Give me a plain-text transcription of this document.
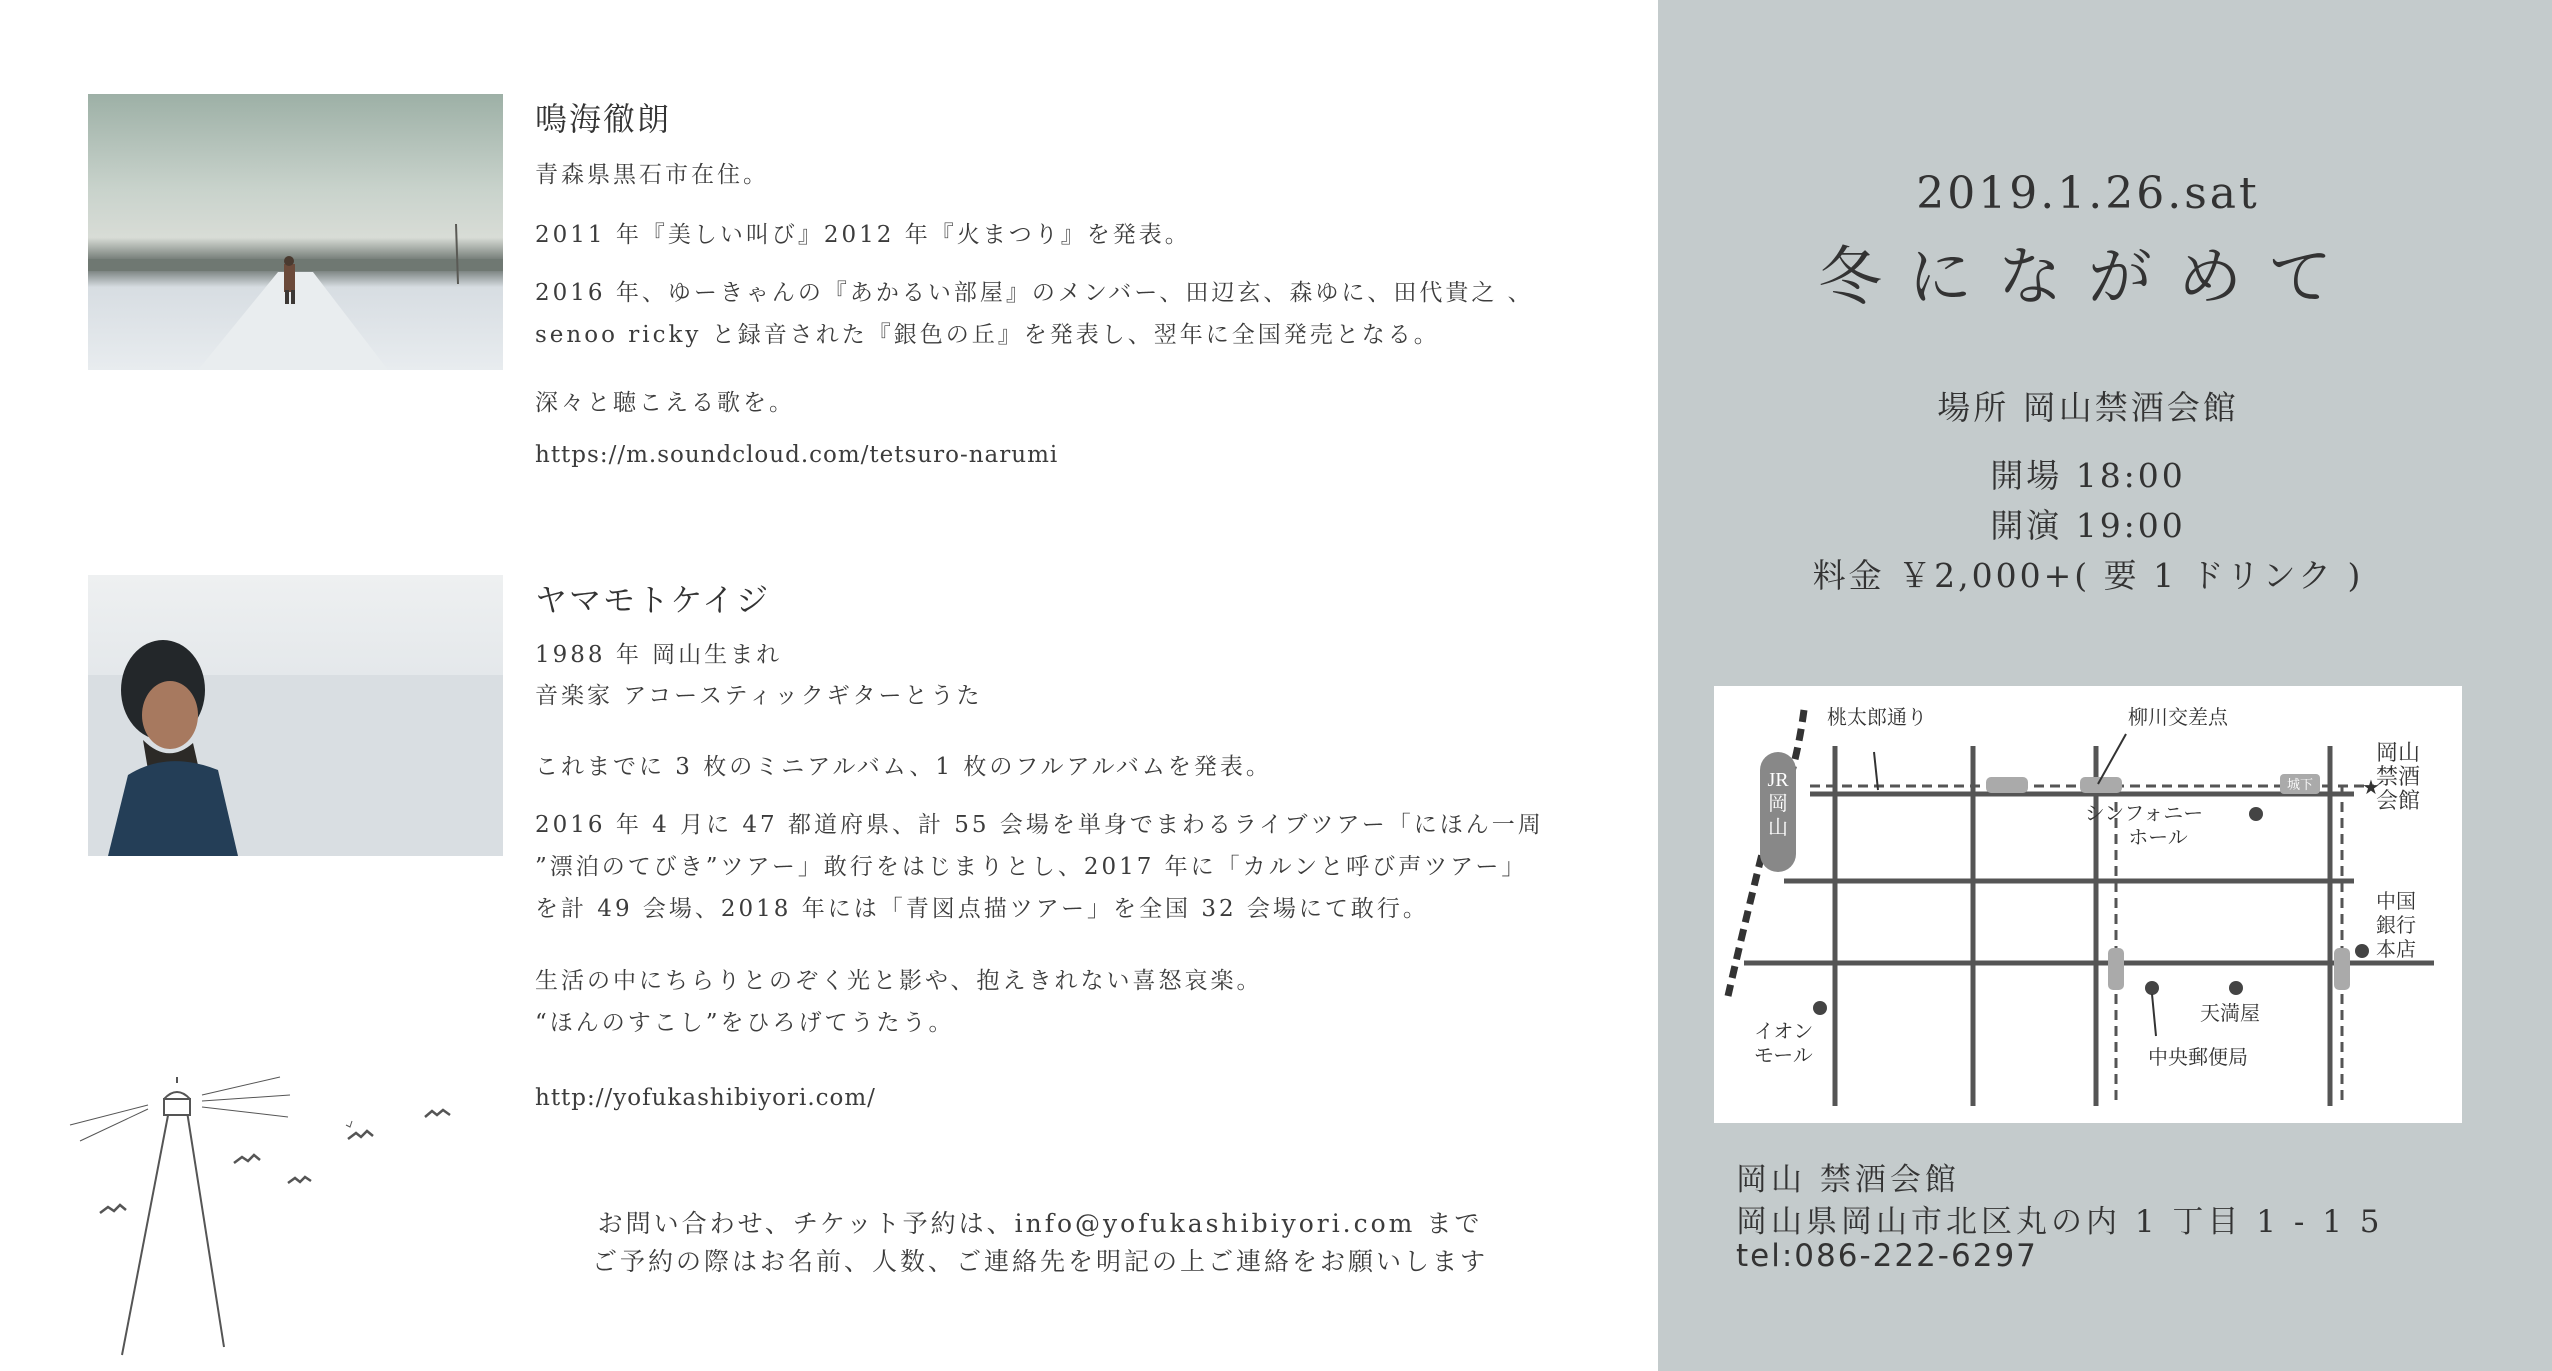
鳴海徹朗
青森県黒石市在住。
2011 年『美しい叫び』2012 年『火まつり』を発表。
2016 年、ゆーきゃんの『あかるい部屋』のメンバー、田辺玄、森ゆに、田代貴之 、
senoo ricky と録音された『銀色の丘』を発表し、翌年に全国発売となる。
深々と聴こえる歌を。
https://m.soundcloud.com/tetsuro-narumi
ヤマモトケイジ
1988 年 岡山生まれ
音楽家 アコースティックギターとうた
これまでに 3 枚のミニアルバム、1 枚のフルアルバムを発表。
2016 年 4 月に 47 都道府県、計 55 会場を単身でまわるライブツアー「にほん一周
”漂泊のてびき”ツアー」敢行をはじまりとし、2017 年に「カルンと呼び声ツアー」
を計 49 会場、2018 年には「青図点描ツアー」を全国 32 会場にて敢行。
生活の中にちらりとのぞく光と影や、抱えきれない喜怒哀楽。
“ほんのすこし”をひろげてうたう。
http://yofukashibiyori.com/
お問い合わせ、チケット予約は、info@yofukashibiyori.com まで
ご予約の際はお名前、人数、ご連絡先を明記の上ご連絡をお願いします
2019.1.26.sat
冬にながめて
場所 岡山禁酒会館
開場 18:00
開演 19:00
料金 ￥2,000+( 要 1 ドリンク )
JR
岡
山
城下
桃太郎通り	柳川交差点
シンフォニー
ホール
★
岡山
禁酒
会館
中国
銀行
本店
イオン
モール
天満屋
中央郵便局
岡山 禁酒会館
岡山県岡山市北区丸の内 1 丁目 1 - 1 5
tel:086-222-6297
